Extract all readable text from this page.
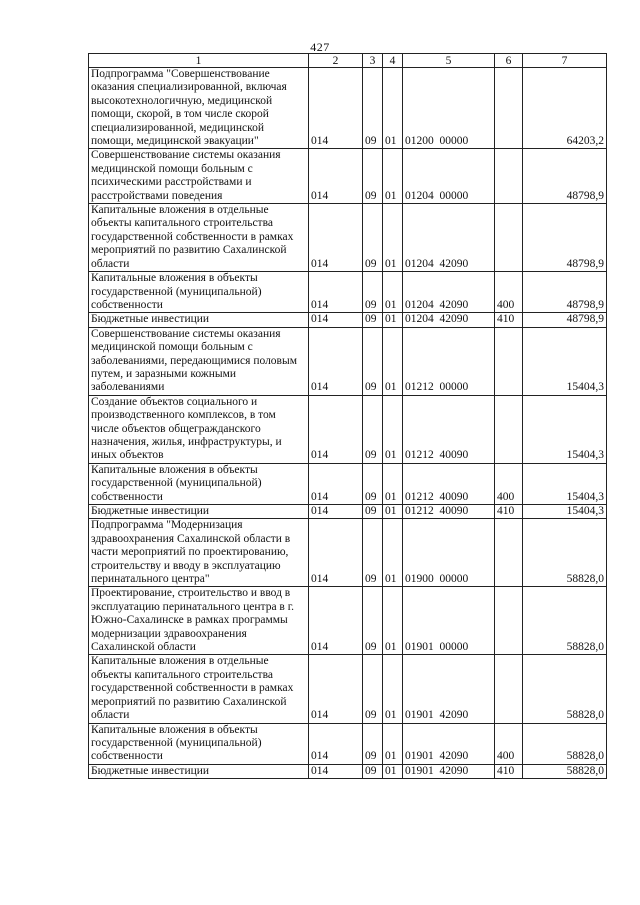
427
1	2	3	4	5	6	7
Подпрограмма "Совершенствование оказания специализированной, включая высокотехнологичную, медицинской помощи, скорой, в том числе скорой специализированной, медицинской помощи, медицинской эвакуации"	014	09	01	01200  00000		64203,2
Совершенствование системы оказания медицинской помощи больным с психическими расстройствами и расстройствами поведения	014	09	01	01204  00000		48798,9
Капитальные вложения в отдельные объекты капитального строительства государственной собственности в рамках мероприятий по развитию Сахалинской области	014	09	01	01204  42090		48798,9
Капитальные вложения в объекты государственной (муниципальной) собственности	014	09	01	01204  42090	400	48798,9
Бюджетные инвестиции	014	09	01	01204  42090	410	48798,9
Совершенствование системы оказания медицинской помощи больным с заболеваниями, передающимися половым путем, и заразными кожными заболеваниями	014	09	01	01212  00000		15404,3
Создание объектов социального и производственного комплексов, в том числе объектов общегражданского назначения, жилья, инфраструктуры, и иных объектов	014	09	01	01212  40090		15404,3
Капитальные вложения в объекты государственной (муниципальной) собственности	014	09	01	01212  40090	400	15404,3
Бюджетные инвестиции	014	09	01	01212  40090	410	15404,3
Подпрограмма "Модернизация здравоохранения Сахалинской области в части мероприятий по проектированию, строительству и вводу в эксплуатацию перинатального центра"	014	09	01	01900  00000		58828,0
Проектирование, строительство и ввод в эксплуатацию перинатального центра в г. Южно-Сахалинске в рамках программы модернизации здравоохранения Сахалинской области	014	09	01	01901  00000		58828,0
Капитальные вложения в отдельные объекты капитального строительства государственной собственности в рамках мероприятий по развитию Сахалинской области	014	09	01	01901  42090		58828,0
Капитальные вложения в объекты государственной (муниципальной) собственности	014	09	01	01901  42090	400	58828,0
Бюджетные инвестиции	014	09	01	01901  42090	410	58828,0
